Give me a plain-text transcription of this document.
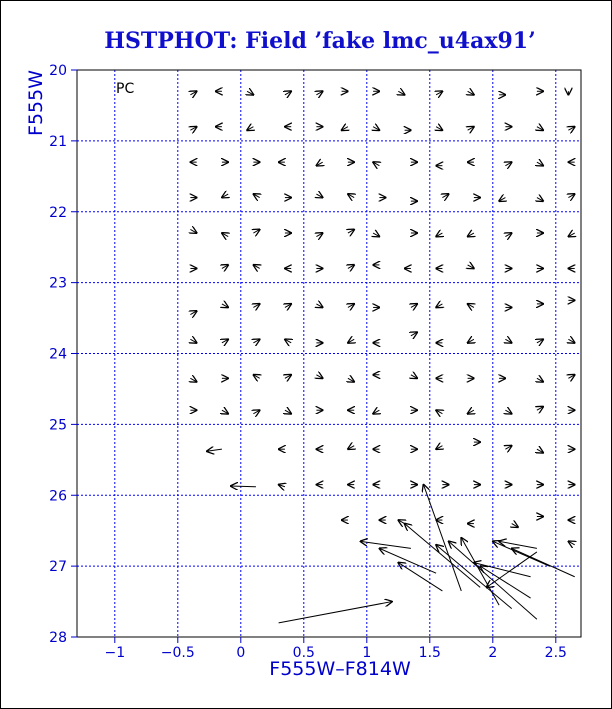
HSTPHOT: Field ’fake lmc_u4ax91’
−1	−0.5	0	0.5	1	1.5	2	2.5
20
21
22
23
24
25
26
27
28
PC
F555W–F814W
F555W
